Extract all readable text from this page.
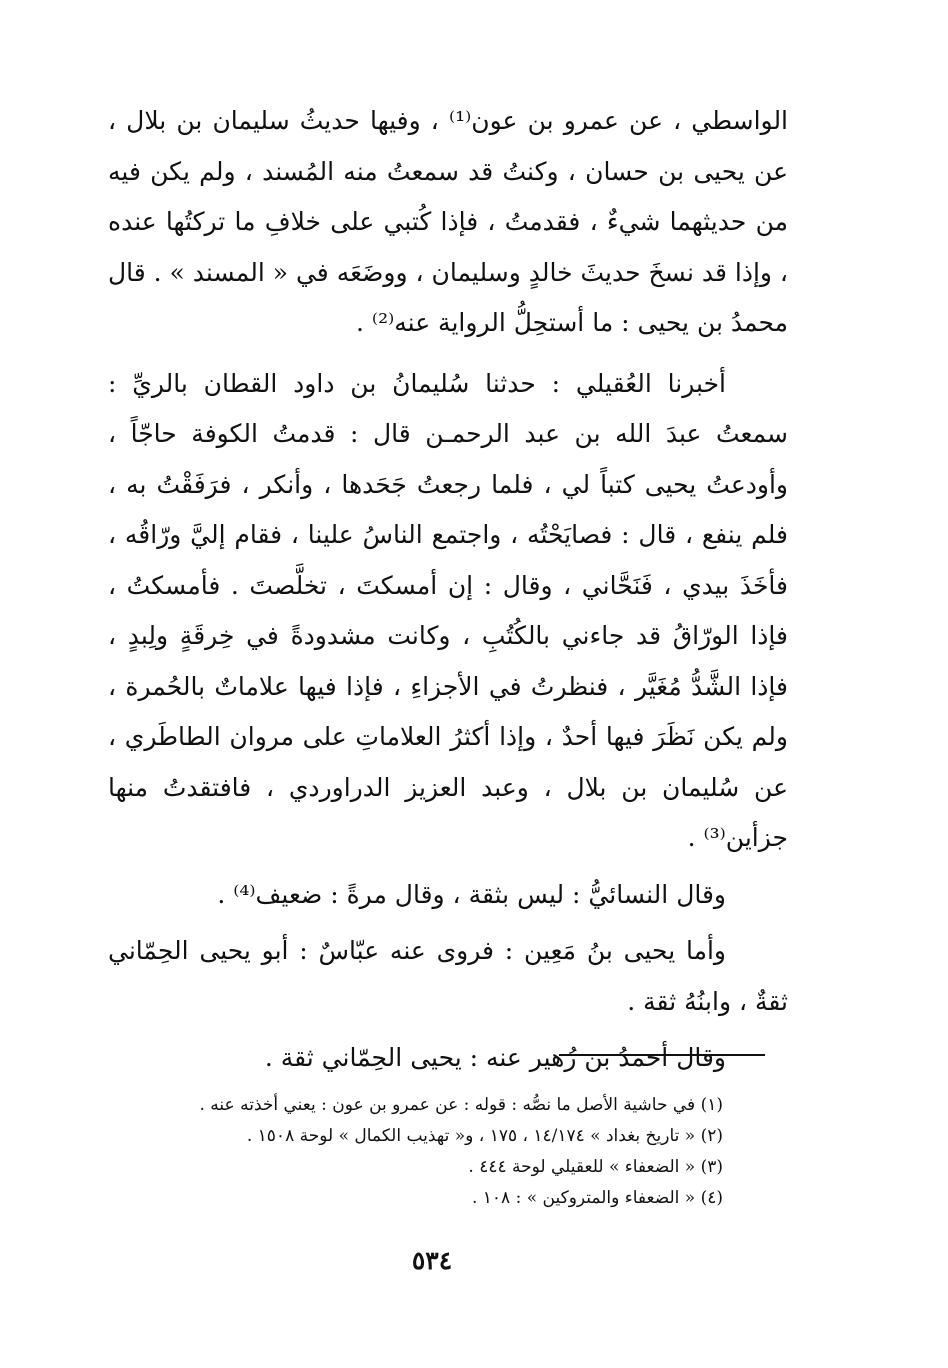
الواسطي ، عن عمرو بن عون⁽¹⁾ ، وفيها حديثُ سليمان بن بلال ، عن يحيى بن حسان ، وكنتُ قد سمعتُ منه المُسند ، ولم يكن فيه من حديثهما شيءٌ ، فقدمتُ ، فإذا كُتبي على خلافِ ما تركتُها عنده ، وإذا قد نسخَ حديثَ خالدٍ وسليمان ، ووضَعَه في « المسند » . قال محمدُ بن يحيى : ما أستحِلُّ الرواية عنه⁽²⁾ .

أخبرنا العُقيلي : حدثنا سُليمانُ بن داود القطان بالريِّ : سمعتُ عبدَ الله بن عبد الرحمـن قال : قدمتُ الكوفة حاجّاً ، وأودعتُ يحيى كتباً لي ، فلما رجعتُ جَحَدها ، وأنكر ، فرَفَقْتُ به ، فلم ينفع ، قال : فصايَحْتُه ، واجتمع الناسُ علينا ، فقام إليَّ ورّاقُه ، فأخَذَ بيدي ، فَنَحَّاني ، وقال : إن أمسكتَ ، تخلَّصتَ . فأمسكتُ ، فإذا الورّاقُ قد جاءني بالكُتُبِ ، وكانت مشدودةً في خِرقَةٍ ولِبدٍ ، فإذا الشَّدُّ مُغَيَّر ، فنظرتُ في الأجزاءِ ، فإذا فيها علاماتٌ بالحُمرة ، ولم يكن نَظَرَ فيها أحدٌ ، وإذا أكثرُ العلاماتِ على مروان الطاطَري ، عن سُليمان بن بلال ، وعبد العزيز الدراوردي ، فافتقدتُ منها جزأين⁽³⁾ .

وقال النسائيُّ : ليس بثقة ، وقال مرةً : ضعيف⁽⁴⁾ .

وأما يحيى بنُ مَعِين : فروى عنه عبّاسٌ : أبو يحيى الحِمّاني ثقةٌ ، وابنُهُ ثقة .

وقال أحمدُ بن زُهير عنه : يحيى الحِمّاني ثقة .

(١) في حاشية الأصل ما نصُّه : قوله : عن عمرو بن عون : يعني أخذته عنه .

(٢) « تاريخ بغداد » ١٤/١٧٤ ، ١٧٥ ، و« تهذيب الكمال » لوحة ١٥٠٨ .

(٣) « الضعفاء » للعقيلي لوحة ٤٤٤ .

(٤) « الضعفاء والمتروكين » : ١٠٨ .

٥٣٤
